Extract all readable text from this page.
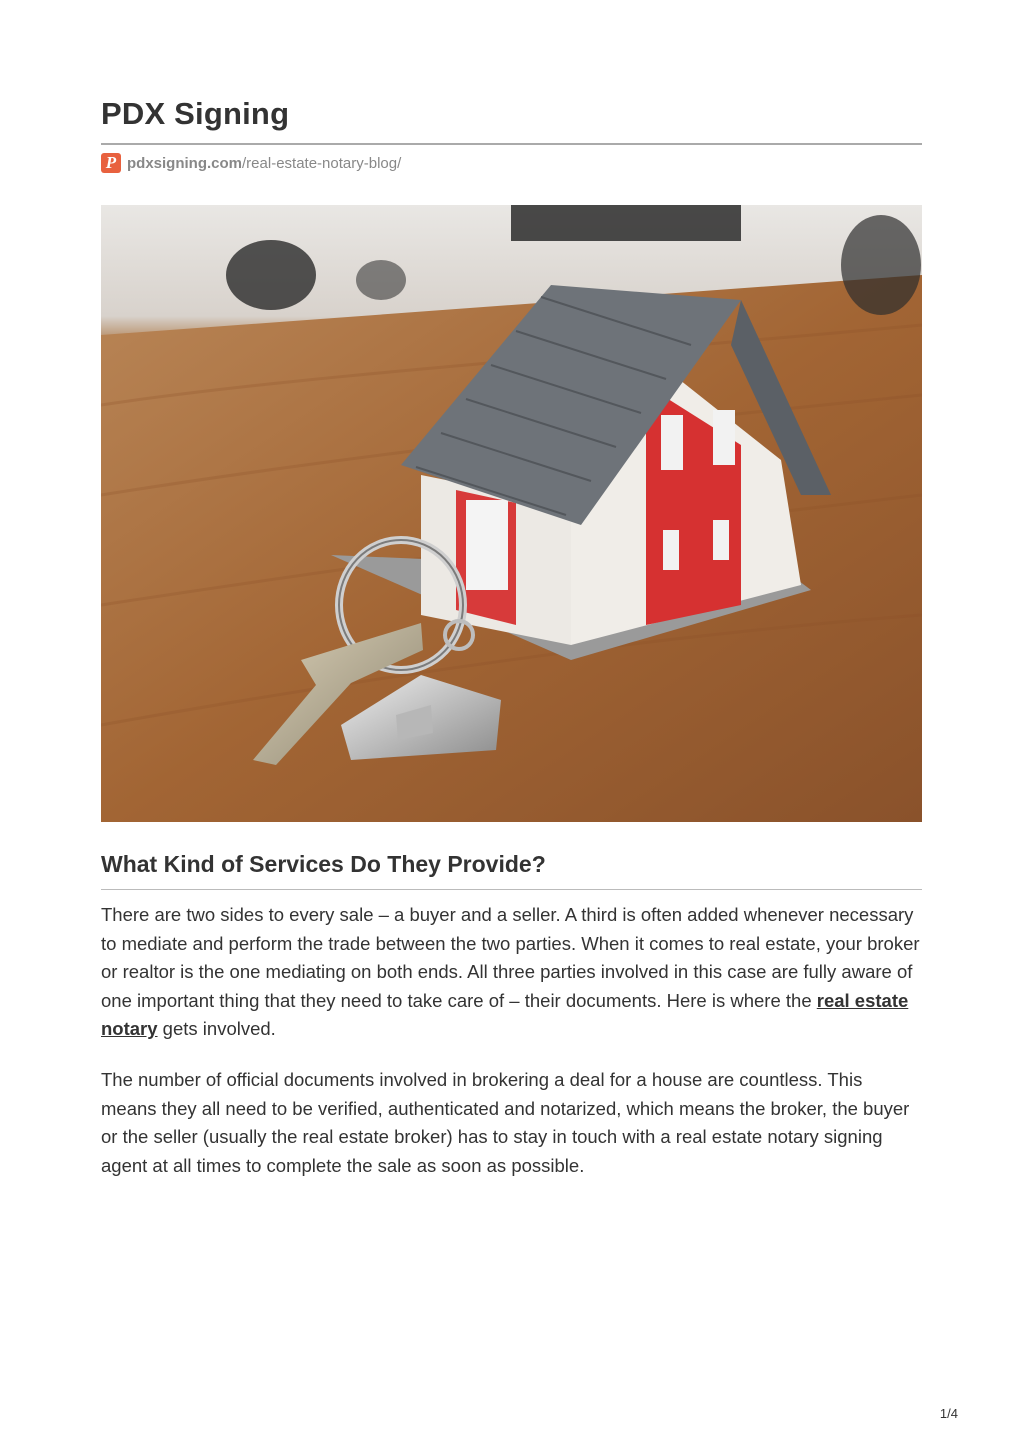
PDX Signing
P pdxsigning.com /real-estate-notary-blog/
What Kind of Services Do They Provide?

There are two sides to every sale – a buyer and a seller. A third is often added whenever necessary to mediate and perform the trade between the two parties. When it comes to real estate, your broker or realtor is the one mediating on both ends. All three parties involved in this case are fully aware of one important thing that they need to take care of – their documents. Here is where the real estate notary gets involved.

The number of official documents involved in brokering a deal for a house are countless. This means they all need to be verified, authenticated and notarized, which means the broker, the buyer or the seller (usually the real estate broker) has to stay in touch with a real estate notary signing agent at all times to complete the sale as soon as possible.

1/4
